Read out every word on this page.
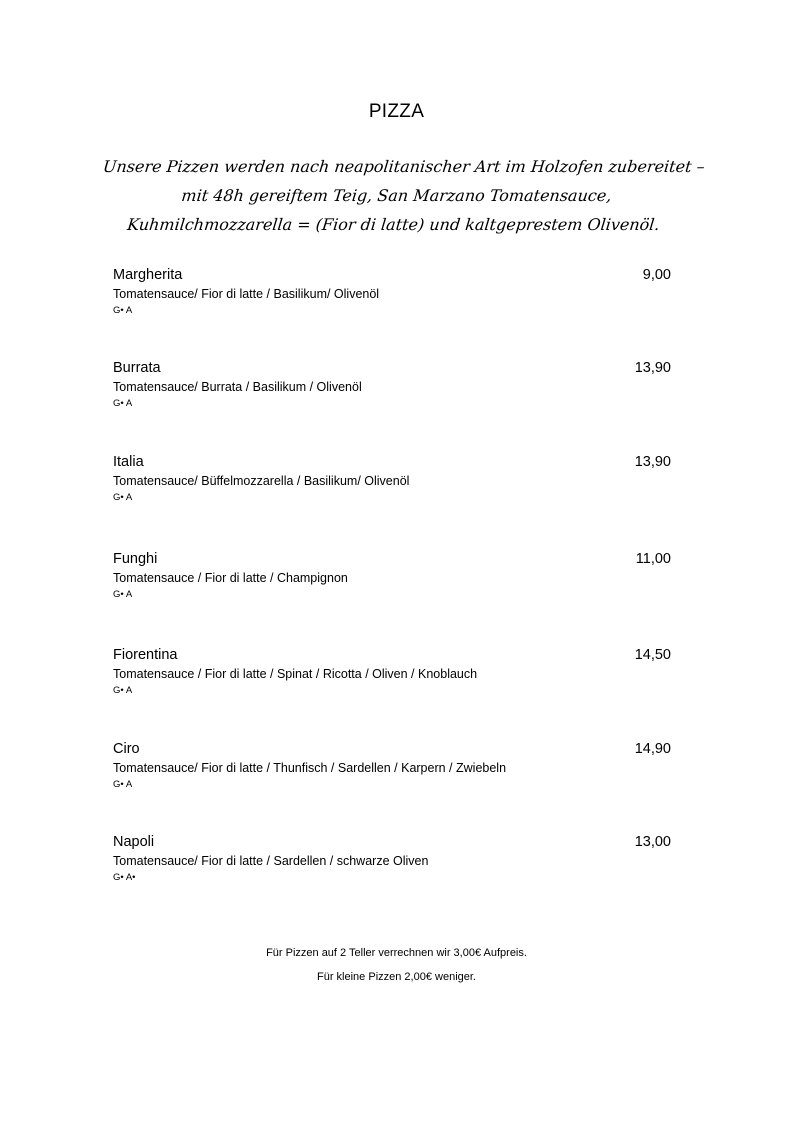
PIZZA
Unsere Pizzen werden nach neapolitanischer Art im Holzofen zubereitet –
mit 48h gereiftem Teig, San Marzano Tomatensauce,
Kuhmilchmozzarella = (Fior di latte) und kaltgeprestem Olivenöl.
Margherita	9,00
Tomatensauce/ Fior di latte / Basilikum/ Olivenöl
G• A
Burrata	13,90
Tomatensauce/ Burrata / Basilikum / Olivenöl
G• A
Italia	13,90
Tomatensauce/ Büffelmozzarella / Basilikum/ Olivenöl
G• A
Funghi	11,00
Tomatensauce / Fior di latte / Champignon
G• A
Fiorentina	14,50
Tomatensauce / Fior di latte / Spinat / Ricotta / Oliven / Knoblauch
G• A
Ciro	14,90
Tomatensauce/ Fior di latte / Thunfisch / Sardellen / Karpern / Zwiebeln
G• A
Napoli	13,00
Tomatensauce/ Fior di latte / Sardellen / schwarze Oliven
G• A•
Für Pizzen auf 2 Teller verrechnen wir 3,00€ Aufpreis.
Für kleine Pizzen 2,00€ weniger.
